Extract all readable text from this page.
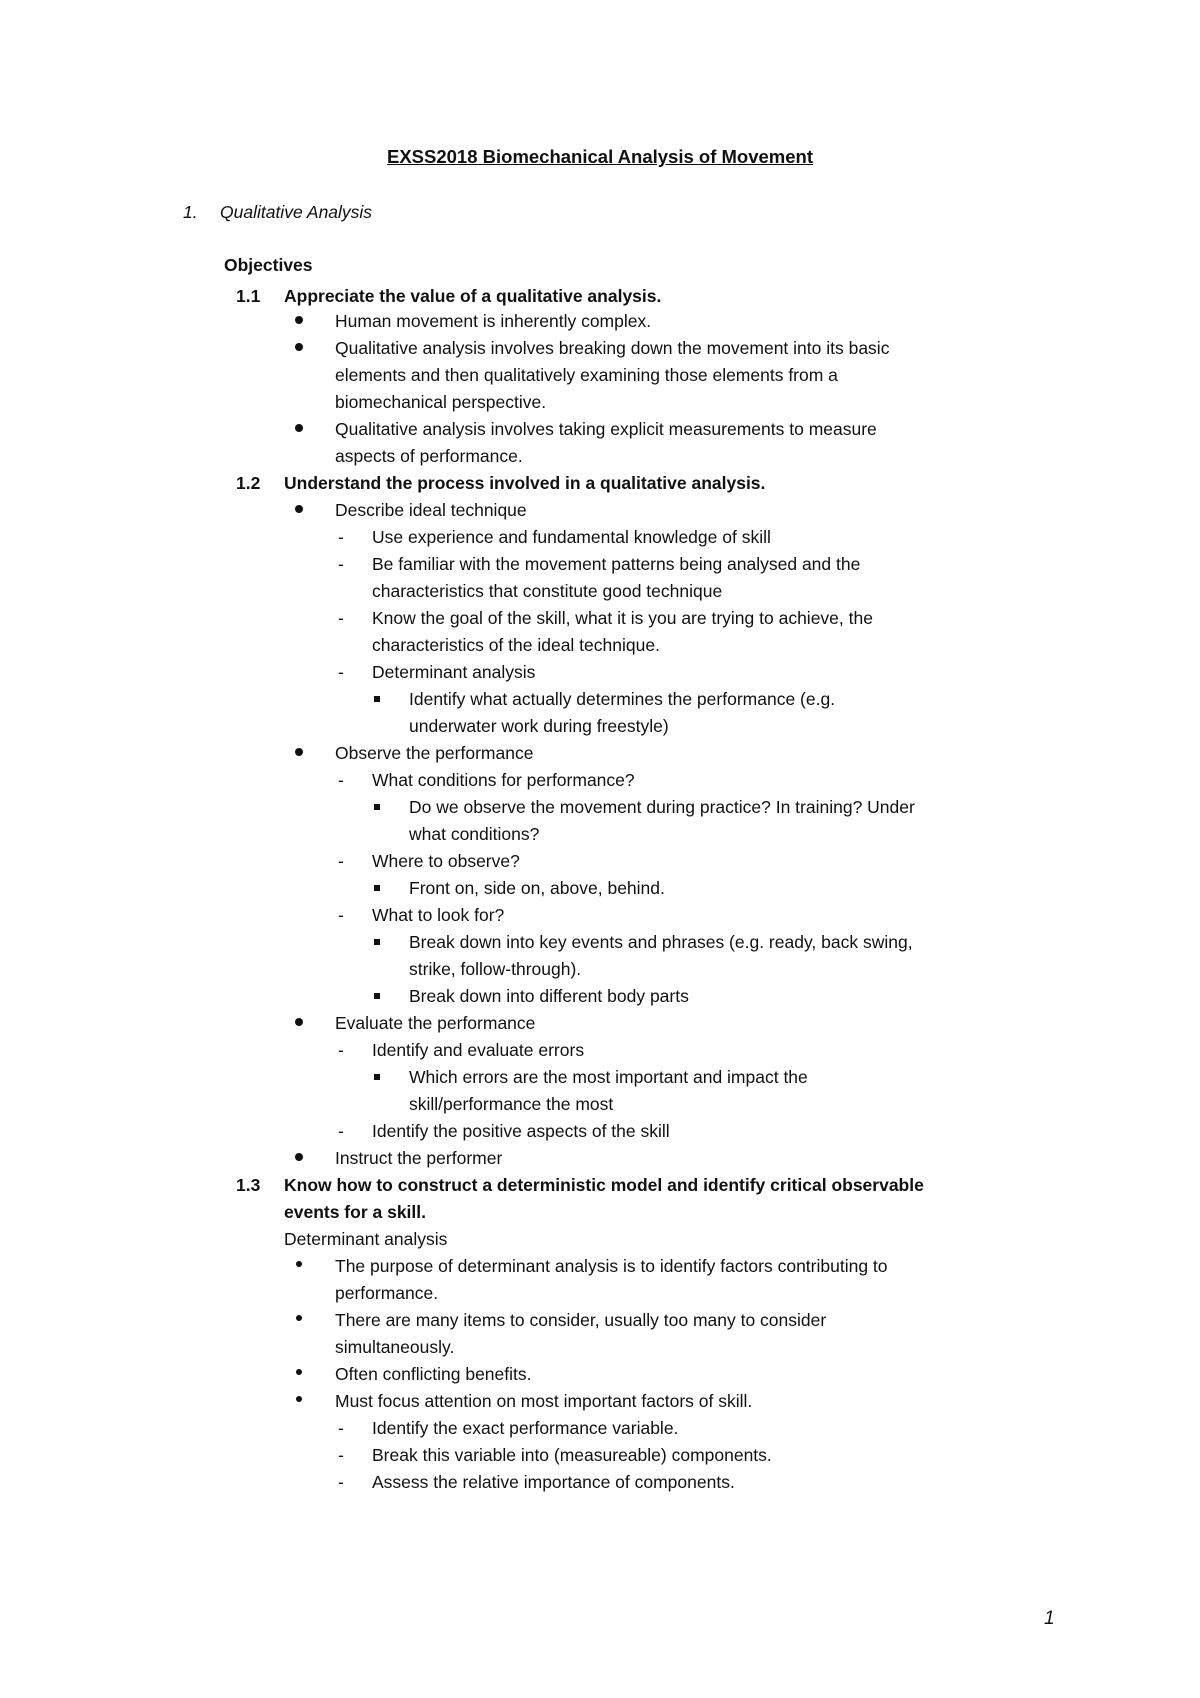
EXSS2018 Biomechanical Analysis of Movement
1. Qualitative Analysis
Objectives
1.1 Appreciate the value of a qualitative analysis.
Human movement is inherently complex.
Qualitative analysis involves breaking down the movement into its basic
elements and then qualitatively examining those elements from a
biomechanical perspective.
Qualitative analysis involves taking explicit measurements to measure
aspects of performance.
1.2 Understand the process involved in a qualitative analysis.
Describe ideal technique
- Use experience and fundamental knowledge of skill
- Be familiar with the movement patterns being analysed and the
characteristics that constitute good technique
- Know the goal of the skill, what it is you are trying to achieve, the
characteristics of the ideal technique.
- Determinant analysis
Identify what actually determines the performance (e.g.
underwater work during freestyle)
Observe the performance
- What conditions for performance?
Do we observe the movement during practice? In training? Under
what conditions?
- Where to observe?
Front on, side on, above, behind.
- What to look for?
Break down into key events and phrases (e.g. ready, back swing,
strike, follow-through).
Break down into different body parts
Evaluate the performance
- Identify and evaluate errors
Which errors are the most important and impact the
skill/performance the most
- Identify the positive aspects of the skill
Instruct the performer
1.3 Know how to construct a deterministic model and identify critical observable
events for a skill.
Determinant analysis
The purpose of determinant analysis is to identify factors contributing to
performance.
There are many items to consider, usually too many to consider
simultaneously.
Often conflicting benefits.
Must focus attention on most important factors of skill.
- Identify the exact performance variable.
- Break this variable into (measureable) components.
- Assess the relative importance of components.
1
